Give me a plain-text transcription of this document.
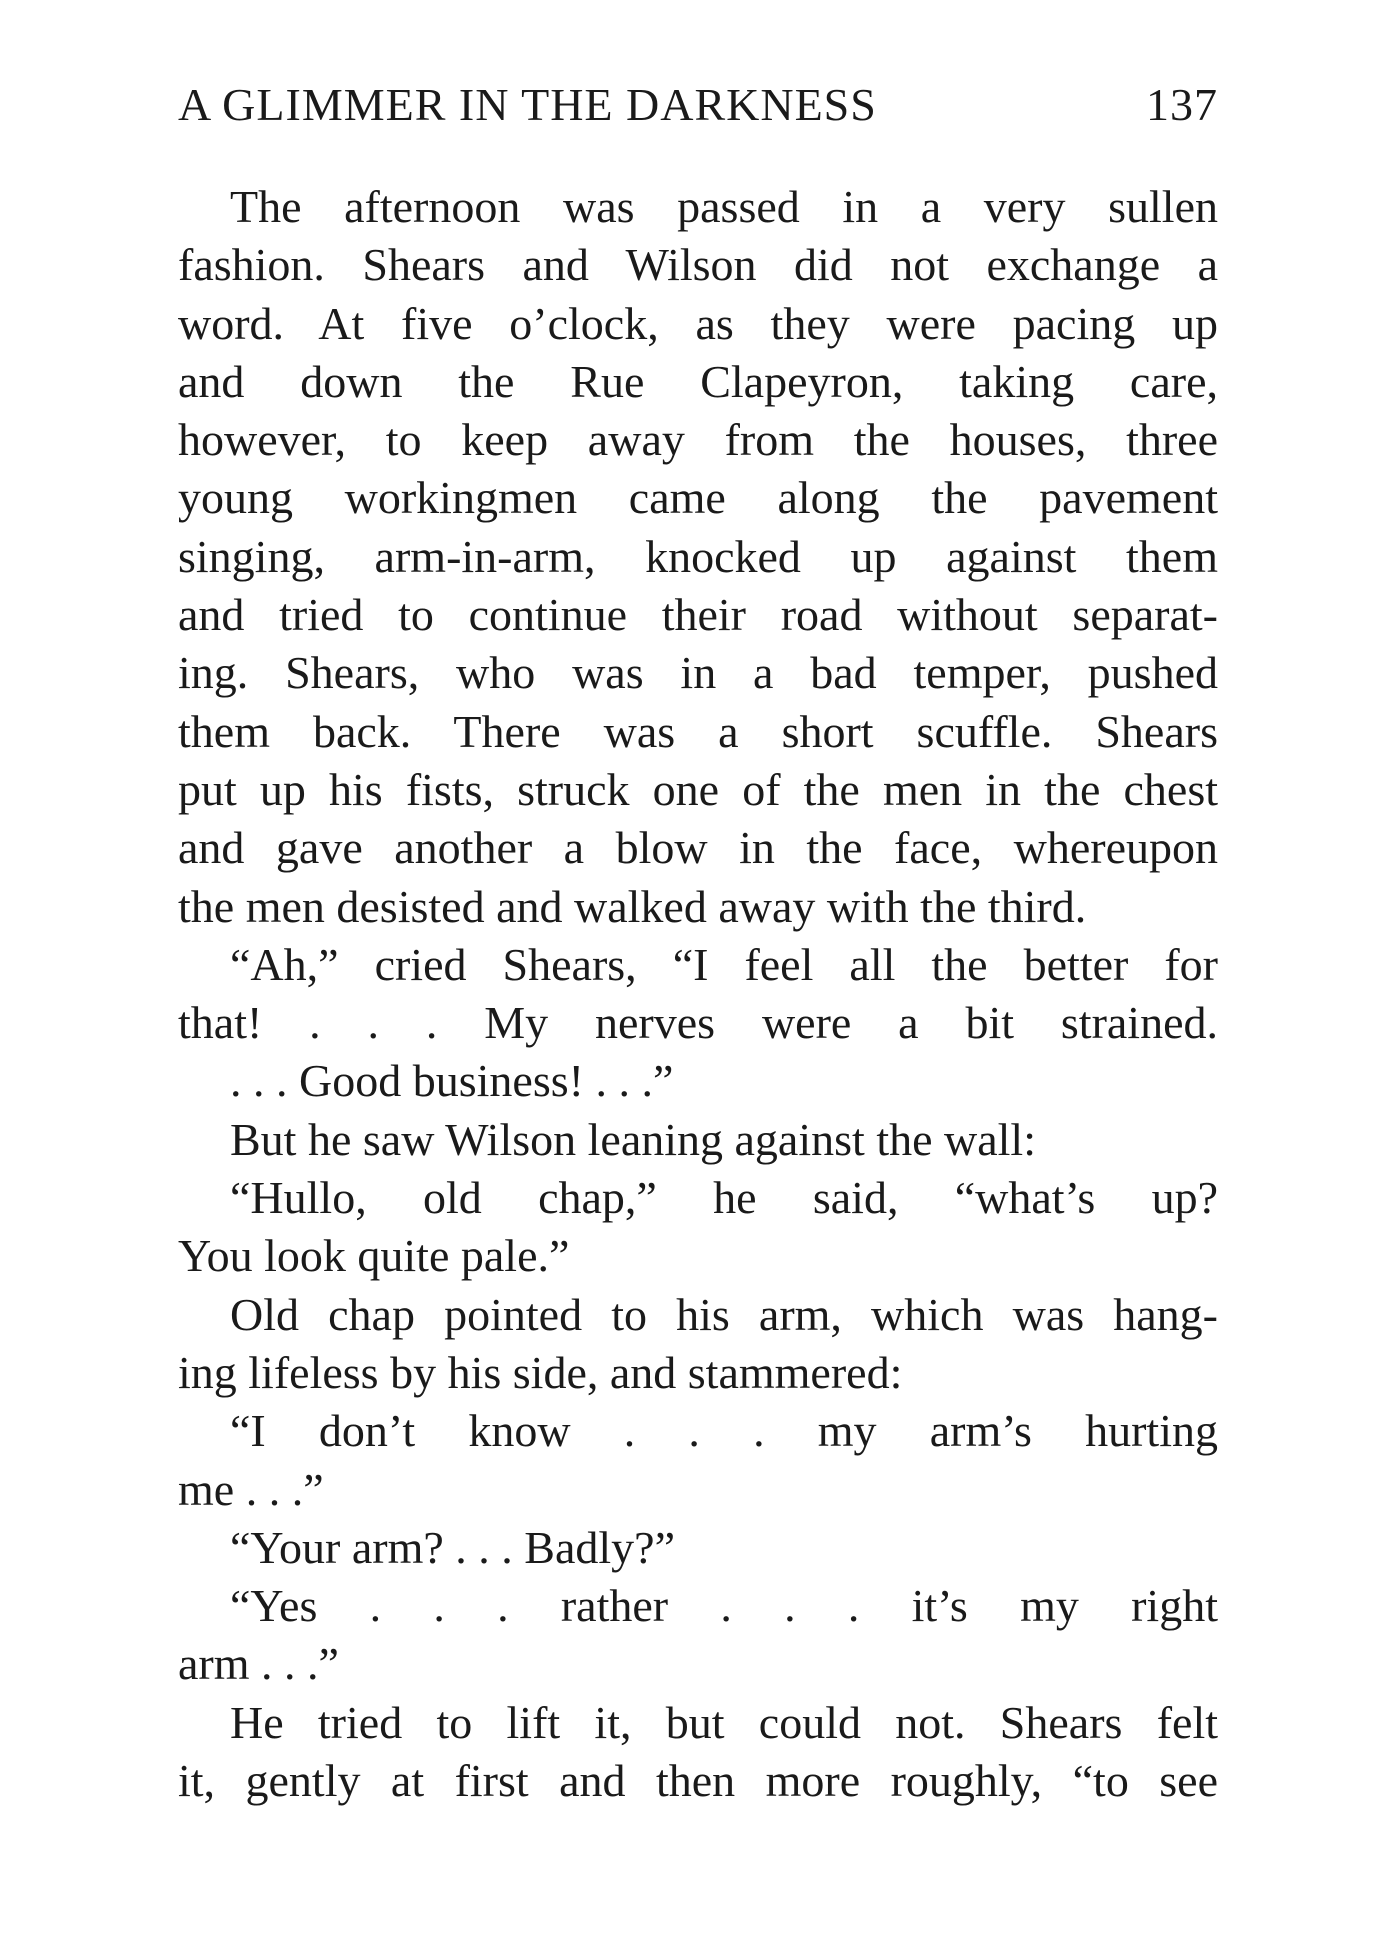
A GLIMMER IN THE DARKNESS	137
The afternoon was passed in a very sullen
fashion. Shears and Wilson did not exchange a
word. At five o’clock, as they were pacing up
and down the Rue Clapeyron, taking care,
however, to keep away from the houses, three
young workingmen came along the pavement
singing, arm-in-arm, knocked up against them
and tried to continue their road without separat-
ing. Shears, who was in a bad temper, pushed
them back. There was a short scuffle. Shears
put up his fists, struck one of the men in the chest
and gave another a blow in the face, whereupon
the men desisted and walked away with the third.
“Ah,” cried Shears, “I feel all the better for
that! . . . My nerves were a bit strained.
. . . Good business! . . .”
But he saw Wilson leaning against the wall:
“Hullo, old chap,” he said, “what’s up?
You look quite pale.”
Old chap pointed to his arm, which was hang-
ing lifeless by his side, and stammered:
“I don’t know . . . my arm’s hurting
me . . .”
“Your arm? . . . Badly?”
“Yes . . . rather . . . it’s my right
arm . . .”
He tried to lift it, but could not. Shears felt
it, gently at first and then more roughly, “to see
